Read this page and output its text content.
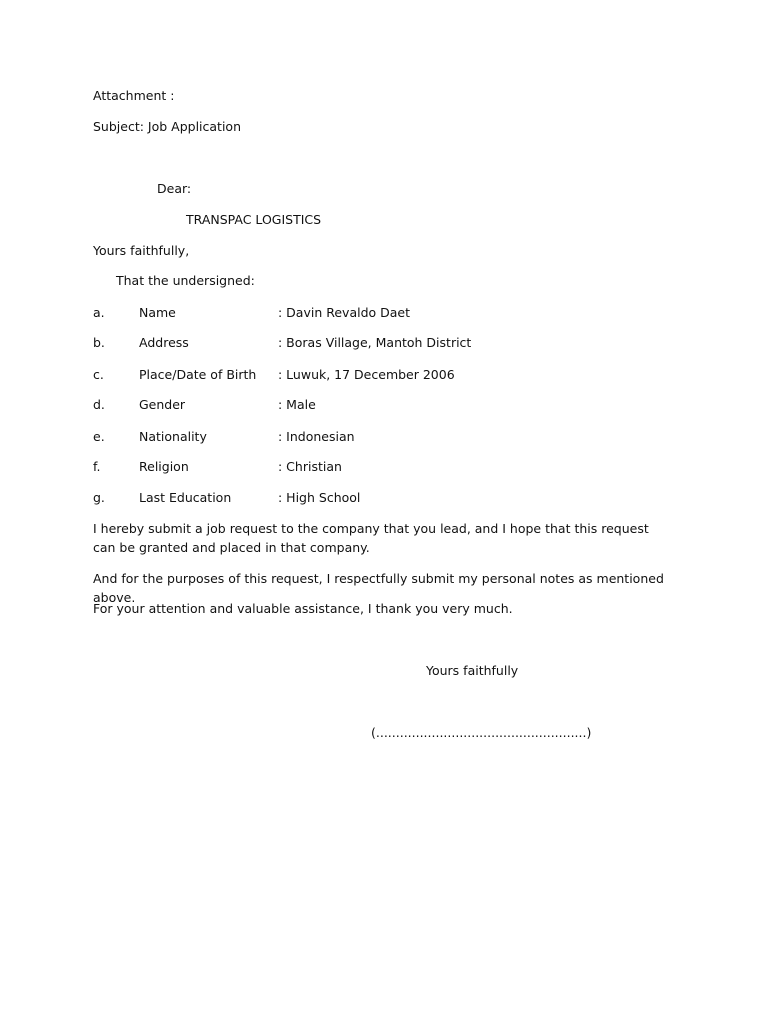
Attachment :
Subject: Job Application
Dear:
TRANSPAC LOGISTICS
Yours faithfully,
That the undersigned:
a.	Name	: Davin Revaldo Daet
b.	Address	: Boras Village, Mantoh District
c.	Place/Date of Birth : Luwuk, 17 December 2006
d.	Gender	: Male
e.	Nationality	: Indonesian
f.	Religion	: Christian
g.	Last Education	: High School
I hereby submit a job request to the company that you lead, and I hope that this request can be granted and placed in that company.
And for the purposes of this request, I respectfully submit my personal notes as mentioned above.
For your attention and valuable assistance, I thank you very much.
Yours faithfully
(.....................................................)
